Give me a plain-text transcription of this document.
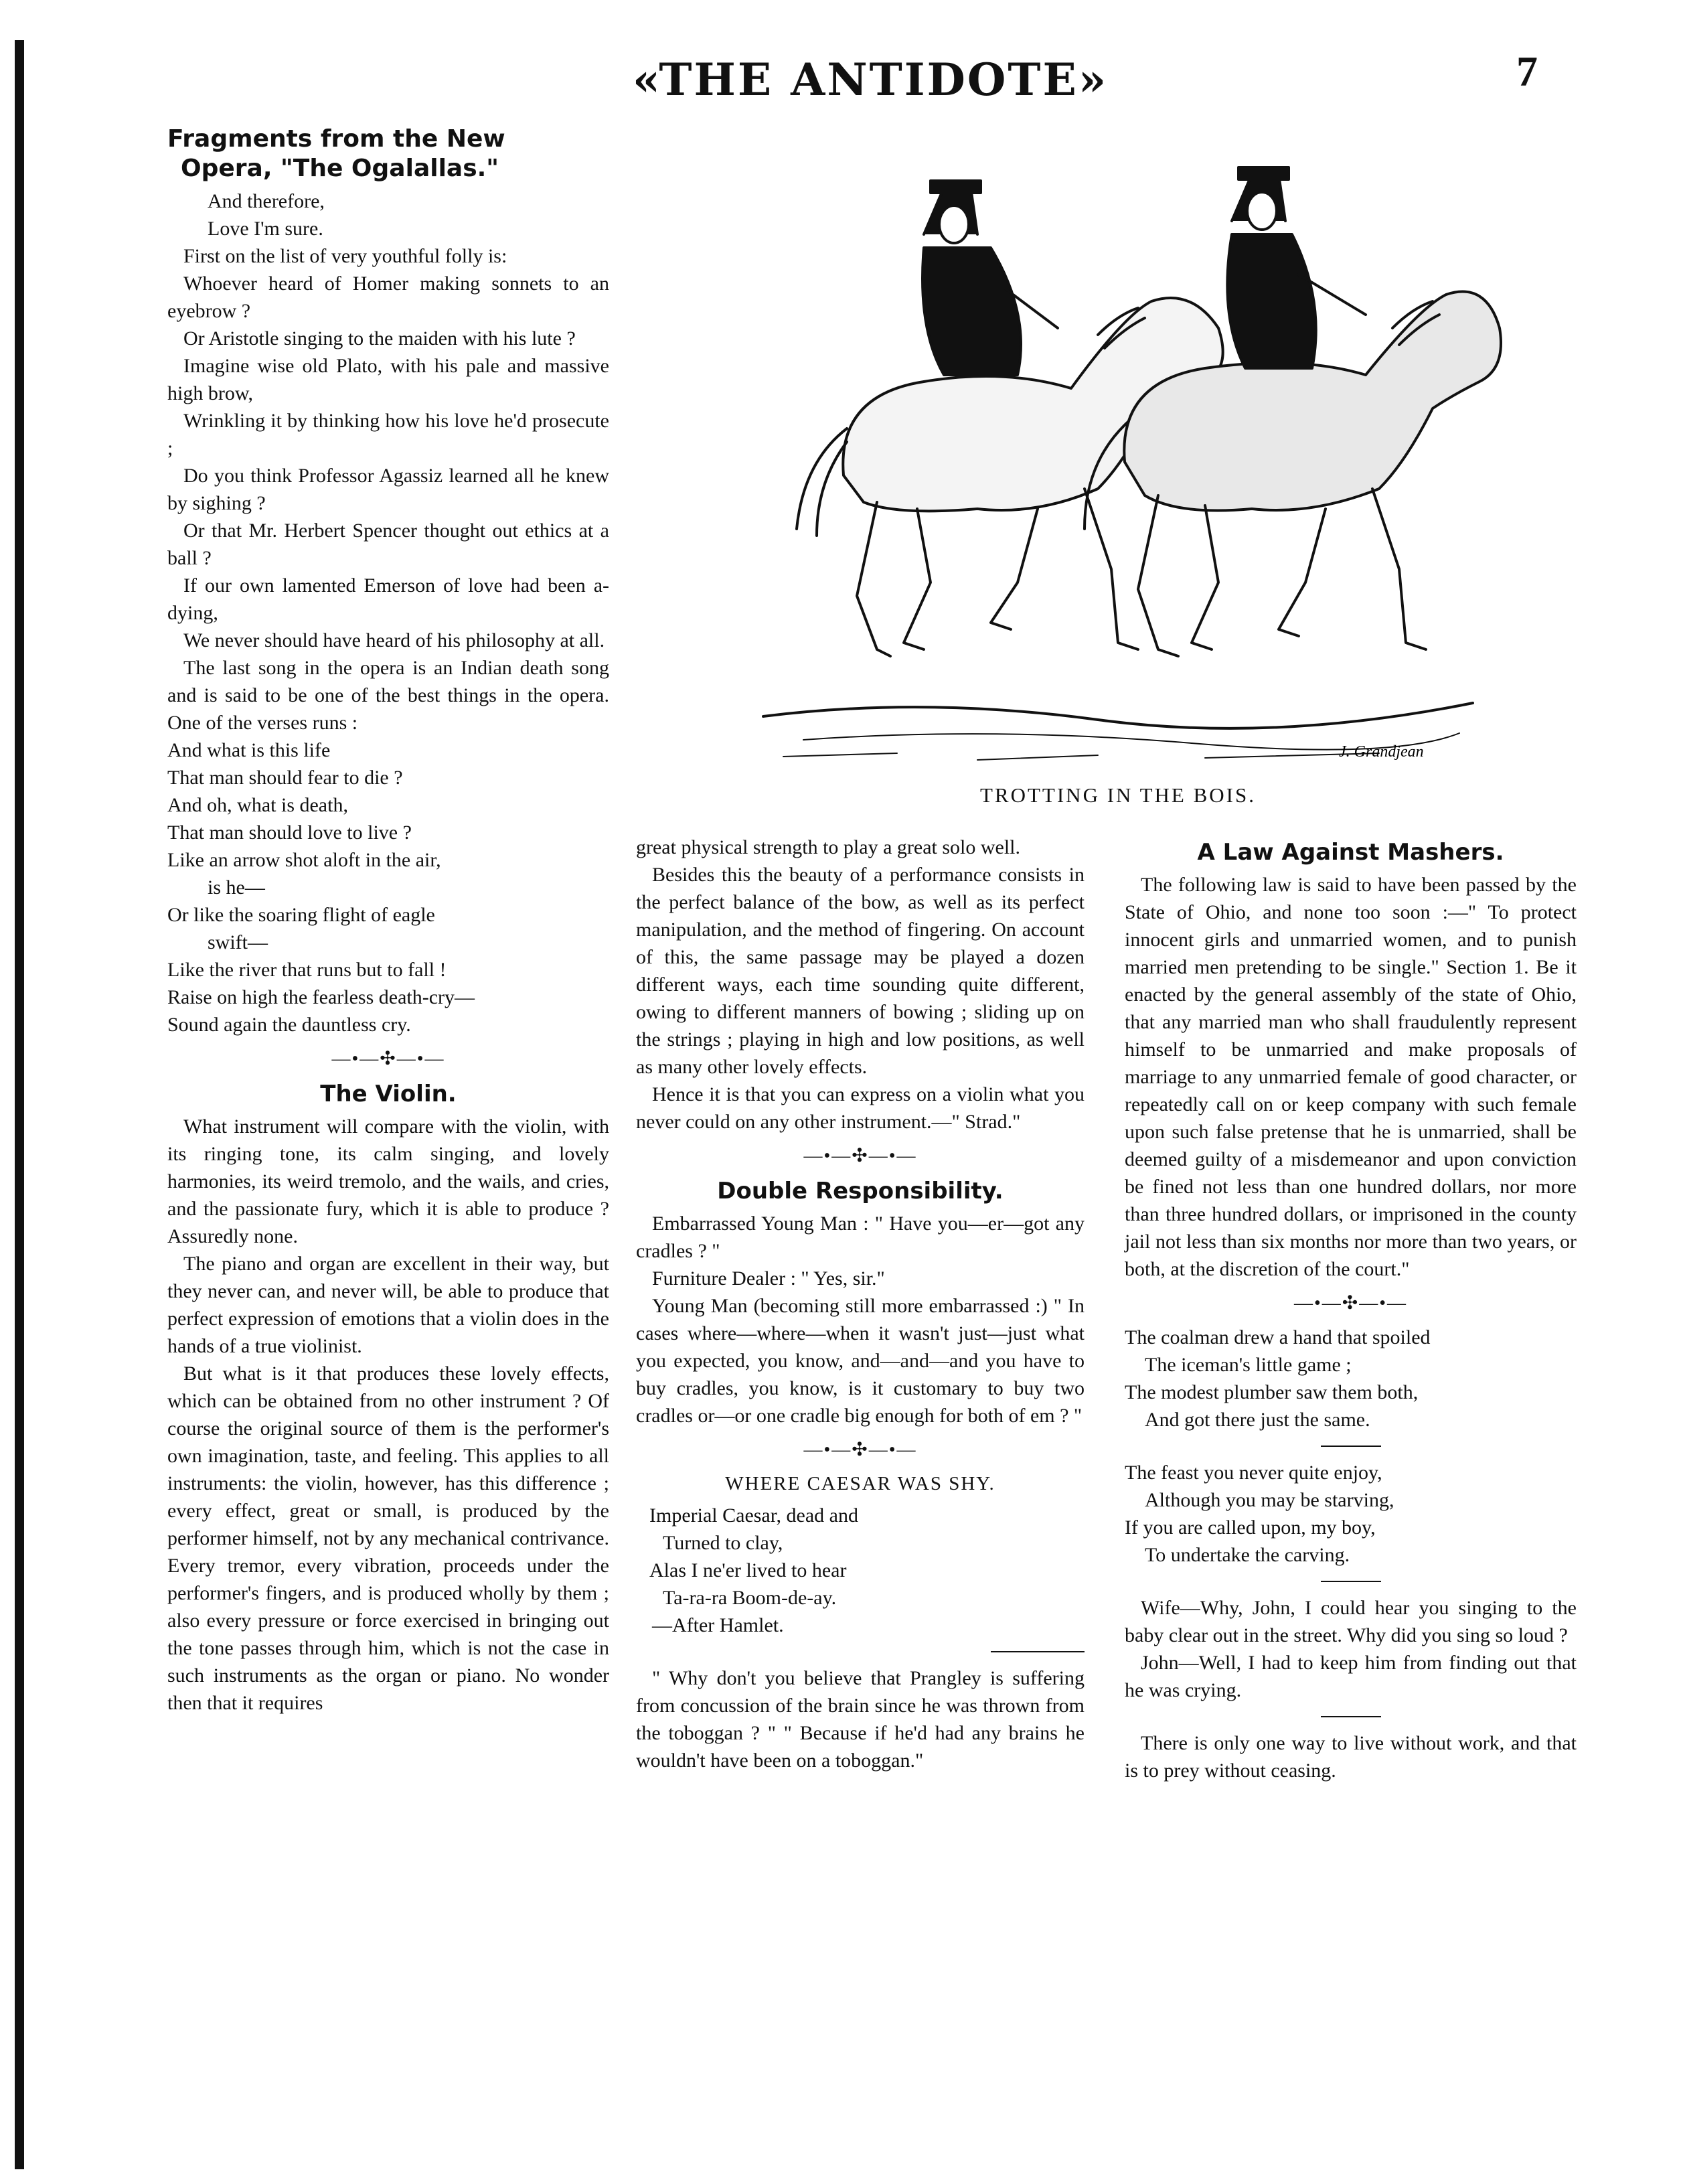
«THE ANTIDOTE»	7
Fragments from the New
Opera, "The Ogalallas."

And therefore,

Love I'm sure.

First on the list of very youthful folly is:

Whoever heard of Homer making sonnets to an eyebrow ?

Or Aristotle singing to the maiden with his lute ?

Imagine wise old Plato, with his pale and massive high brow,

Wrinkling it by thinking how his love he'd prosecute ;

Do you think Professor Agassiz learned all he knew by sighing ?

Or that Mr. Herbert Spencer thought out ethics at a ball ?

If our own lamented Emerson of love had been a-dying,

We never should have heard of his philosophy at all.

The last song in the opera is an Indian death song and is said to be one of the best things in the opera. One of the verses runs :

And what is this life

That man should fear to die ?

And oh, what is death,

That man should love to live ?

Like an arrow shot aloft in the air,

is he—

Or like the soaring flight of eagle

swift—

Like the river that runs but to fall !

Raise on high the fearless death-cry—

Sound again the dauntless cry.

—•—✣—•—
The Violin.

What instrument will compare with the violin, with its ringing tone, its calm singing, and lovely harmonies, its weird tremolo, and the wails, and cries, and the passionate fury, which it is able to produce ? Assuredly none.

The piano and organ are excellent in their way, but they never can, and never will, be able to produce that perfect expression of emotions that a violin does in the hands of a true violinist.

But what is it that produces these lovely effects, which can be obtained from no other instrument ? Of course the original source of them is the performer's own imagination, taste, and feeling. This applies to all instruments: the violin, however, has this difference ; every effect, great or small, is produced by the performer himself, not by any mechanical contrivance. Every tremor, every vibration, proceeds under the performer's fingers, and is produced wholly by them ; also every pressure or force exercised in bringing out the tone passes through him, which is not the case in such instruments as the organ or piano. No wonder then that it requires

J. Grandjean
TROTTING IN THE BOIS.

great physical strength to play a great solo well.

Besides this the beauty of a performance consists in the perfect balance of the bow, as well as its perfect manipulation, and the method of fingering. On account of this, the same passage may be played a dozen different ways, each time sounding quite different, owing to different manners of bowing ; sliding up on the strings ; playing in high and low positions, as well as many other lovely effects.

Hence it is that you can express on a violin what you never could on any other instrument.—" Strad."

—•—✣—•—
Double Responsibility.

Embarrassed Young Man : " Have you—er—got any cradles ? "

Furniture Dealer : " Yes, sir."

Young Man (becoming still more embarrassed :) " In cases where—where—when it wasn't just—just what you expected, you know, and—and—and you have to buy cradles, you know, is it customary to buy two cradles or—or one cradle big enough for both of em ? "

—•—✣—•—
WHERE CAESAR WAS SHY.

Imperial Caesar, dead and

Turned to clay,

Alas I ne'er lived to hear

Ta-ra-ra Boom-de-ay.

—After Hamlet.

" Why don't you believe that Prangley is suffering from concussion of the brain since he was thrown from the toboggan ? " " Because if he'd had any brains he wouldn't have been on a toboggan."

A Law Against Mashers.

The following law is said to have been passed by the State of Ohio, and none too soon :—" To protect innocent girls and unmarried women, and to punish married men pretending to be single." Section 1. Be it enacted by the general assembly of the state of Ohio, that any married man who shall fraudulently represent himself to be unmarried and make proposals of marriage to any unmarried female of good character, or repeatedly call on or keep company with such female upon such false pretense that he is unmarried, shall be deemed guilty of a misdemeanor and upon conviction be fined not less than one hundred dollars, nor more than three hundred dollars, or imprisoned in the county jail not less than six months nor more than two years, or both, at the discretion of the court."

—•—✣—•—

The coalman drew a hand that spoiled

The iceman's little game ;

The modest plumber saw them both,

And got there just the same.

The feast you never quite enjoy,

Although you may be starving,

If you are called upon, my boy,

To undertake the carving.

Wife—Why, John, I could hear you singing to the baby clear out in the street. Why did you sing so loud ?

John—Well, I had to keep him from finding out that he was crying.

There is only one way to live without work, and that is to prey without ceasing.
